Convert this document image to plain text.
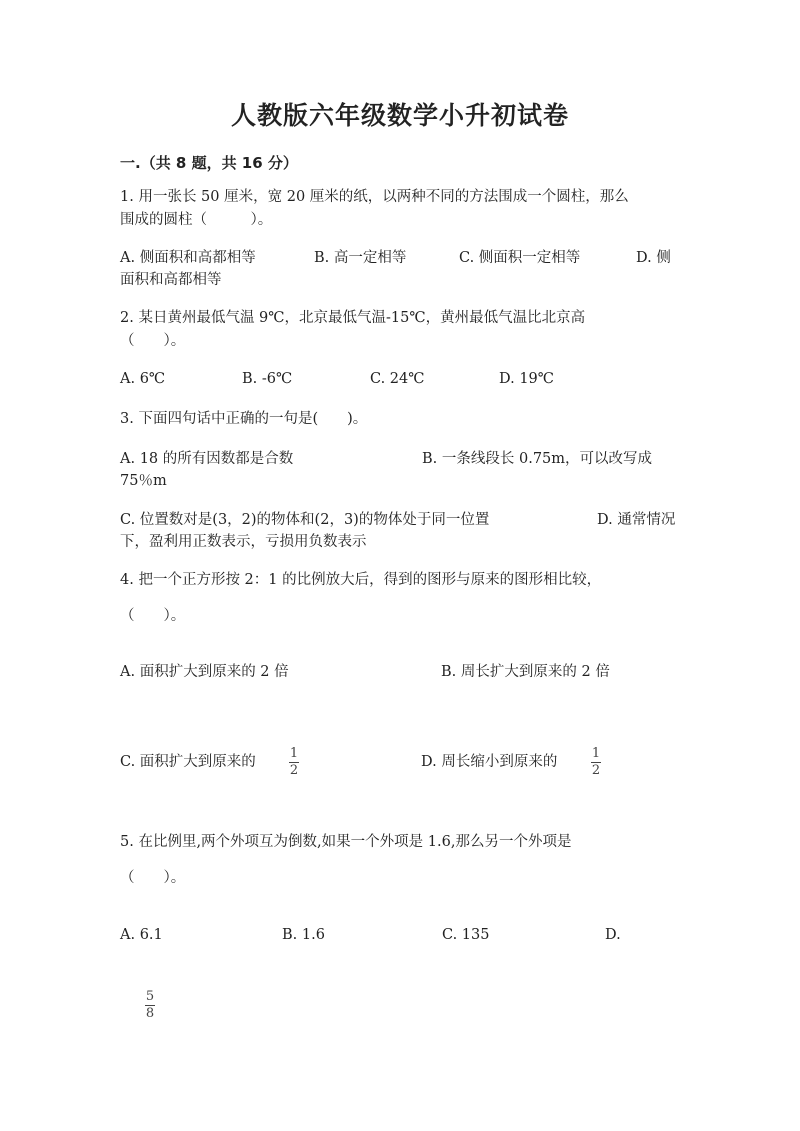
人教版六年级数学小升初试卷
一.（共 8 题，共 16 分）
1. 用一张长 50 厘米，宽 20 厘米的纸，以两种不同的方法围成一个圆柱，那么
围成的圆柱（　　　）。
A. 侧面积和高都相等	B. 高一定相等	C. 侧面积一定相等	D. 侧
面积和高都相等
2. 某日黄州最低气温 9℃，北京最低气温-15℃，黄州最低气温比北京高
（　　）。
A. 6℃	B. -6℃	C. 24℃	D. 19℃
3. 下面四句话中正确的一句是(　　)。
A. 18 的所有因数都是合数	B. 一条线段长 0.75m，可以改写成
75％m
C. 位置数对是(3，2)的物体和(2，3)的物体处于同一位置	D. 通常情况
下，盈利用正数表示，亏损用负数表示
4. 把一个正方形按 2：1 的比例放大后，得到的图形与原来的图形相比较，
（　　）。
A. 面积扩大到原来的 2 倍	B. 周长扩大到原来的 2 倍
C. 面积扩大到原来的
1
2
D. 周长缩小到原来的
1
2
5. 在比例里,两个外项互为倒数,如果一个外项是 1.6,那么另一个外项是
（　　）。
A. 6.1	B. 1.6	C. 135	D.
5
8
